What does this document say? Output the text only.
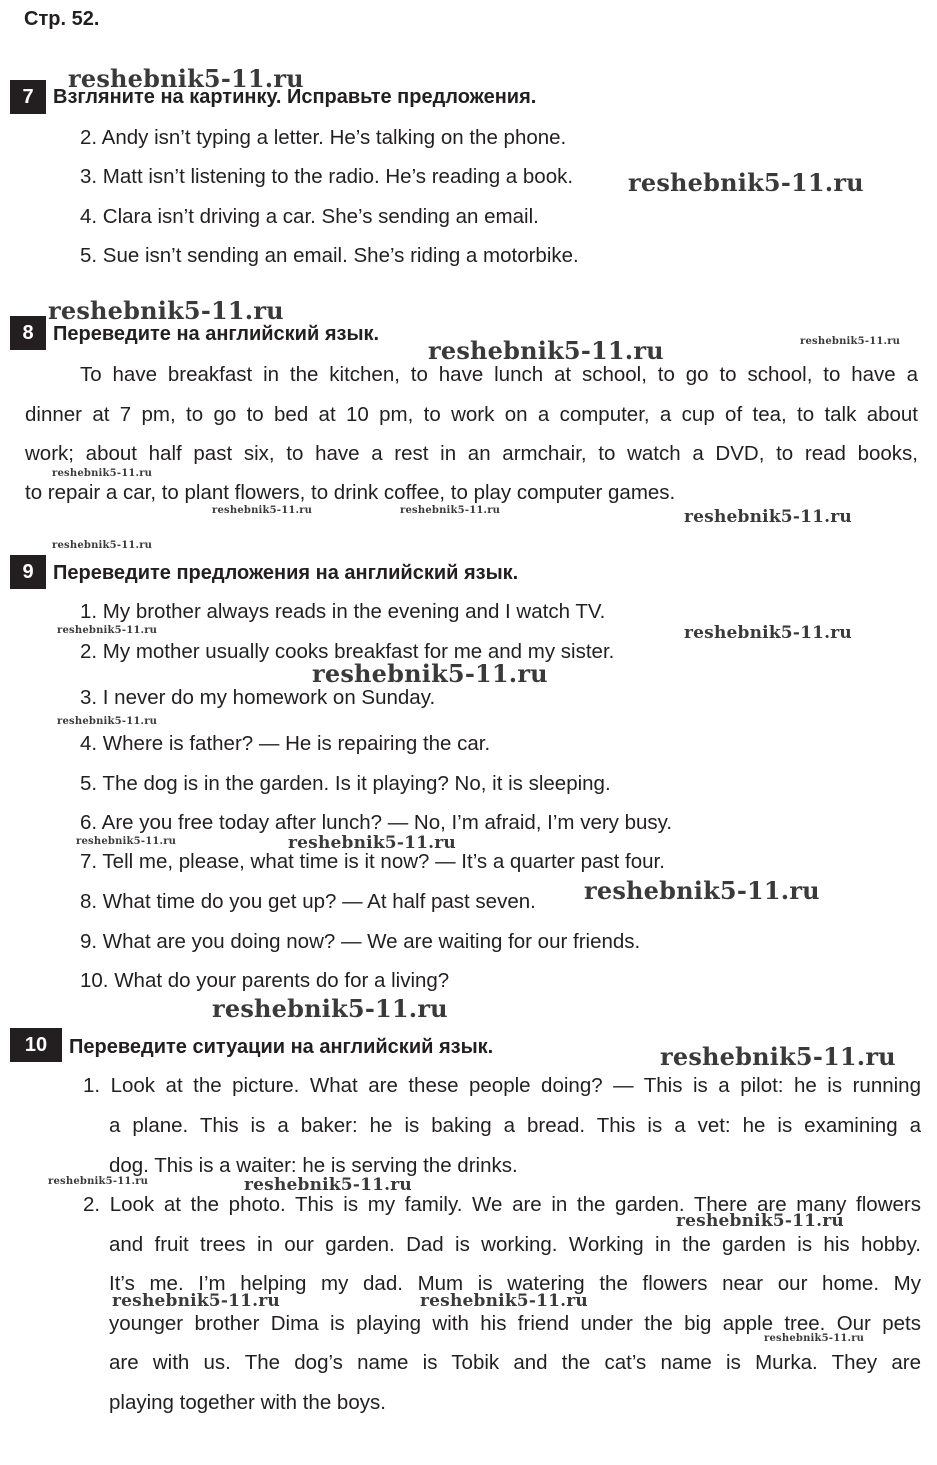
Стр. 52.
7 Взгляните на картинку. Исправьте предложения.
2. Andy isn’t typing a letter. He’s talking on the phone.
3. Matt isn’t listening to the radio. He’s reading a book.
4. Clara isn’t driving a car. She’s sending an email.
5. Sue isn’t sending an email. She’s riding a motorbike.
8 Переведите на английский язык.
To have breakfast in the kitchen, to have lunch at school, to go to school, to have a
dinner at 7 pm, to go to bed at 10 pm, to work on a computer, a cup of tea, to talk about
work; about half past six, to have a rest in an armchair, to watch a DVD, to read books,
to repair a car, to plant flowers, to drink coffee, to play computer games.
9 Переведите предложения на английский язык.
1. My brother always reads in the evening and I watch TV.
2. My mother usually cooks breakfast for me and my sister.
3. I never do my homework on Sunday.
4. Where is father? — He is repairing the car.
5. The dog is in the garden. Is it playing? No, it is sleeping.
6. Are you free today after lunch? — No, I’m afraid, I’m very busy.
7. Tell me, please, what time is it now? — It’s a quarter past four.
8. What time do you get up? — At half past seven.
9. What are you doing now? — We are waiting for our friends.
10. What do your parents do for a living?
10	Переведите ситуации на английский язык.
1. Look at the picture. What are these people doing? — This is a pilot: he is running
a plane. This is a baker: he is baking a bread. This is a vet: he is examining a
dog. This is a waiter: he is serving the drinks.
2. Look at the photo. This is my family. We are in the garden. There are many flowers
and fruit trees in our garden. Dad is working. Working in the garden is his hobby.
It’s me. I’m helping my dad. Mum is watering the flowers near our home. My
younger brother Dima is playing with his friend under the big apple tree. Our pets
are with us. The dog’s name is Tobik and the cat’s name is Murka. They are
playing together with the boys.
reshebnik5-11.ru
reshebnik5-11.ru
reshebnik5-11.ru
reshebnik5-11.ru	reshebnik5-11.ru
reshebnik5-11.ru
reshebnik5-11.ru	reshebnik5-11.ru	reshebnik5-11.ru
reshebnik5-11.ru
reshebnik5-11.ru	reshebnik5-11.ru
reshebnik5-11.ru
reshebnik5-11.ru
reshebnik5-11.ru
reshebnik5-11.ru
reshebnik5-11.ru
reshebnik5-11.ru
reshebnik5-11.ru
reshebnik5-11.ru	reshebnik5-11.ru
reshebnik5-11.ru
reshebnik5-11.ru	reshebnik5-11.ru
reshebnik5-11.ru
